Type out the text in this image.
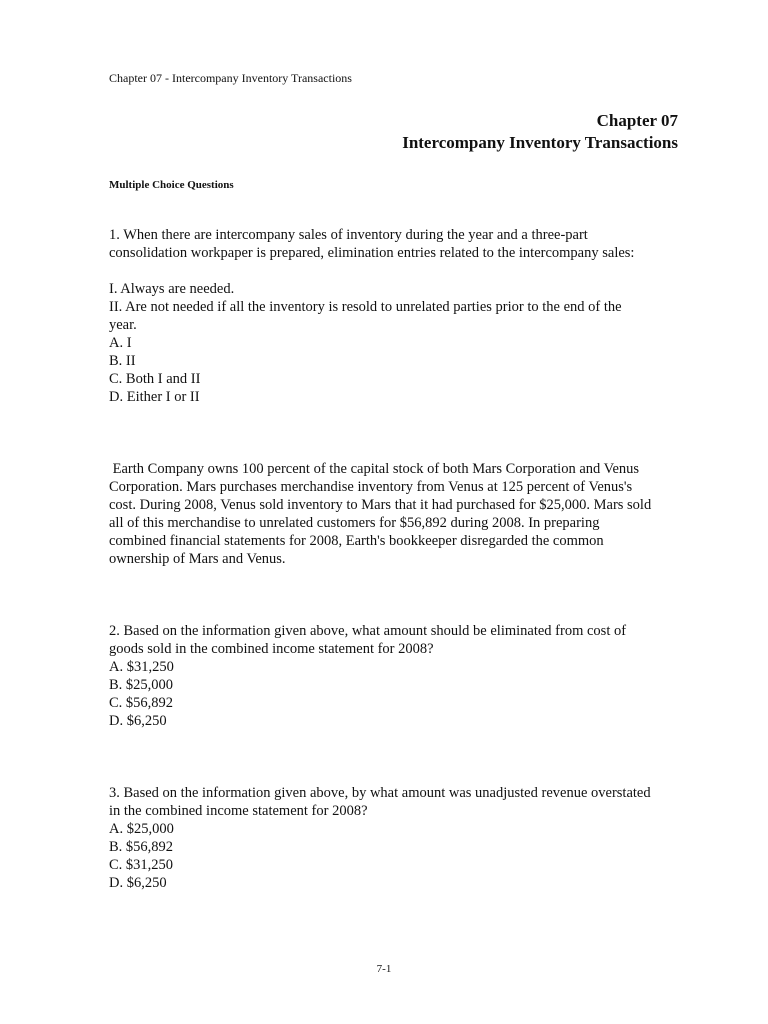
Chapter 07 - Intercompany Inventory Transactions
Chapter 07
Intercompany Inventory Transactions
Multiple Choice Questions
1. When there are intercompany sales of inventory during the year and a three-part
consolidation workpaper is prepared, elimination entries related to the intercompany sales:
I. Always are needed.
II. Are not needed if all the inventory is resold to unrelated parties prior to the end of the
year.
A. I
B. II
C. Both I and II
D. Either I or II
Earth Company owns 100 percent of the capital stock of both Mars Corporation and Venus
Corporation. Mars purchases merchandise inventory from Venus at 125 percent of Venus's
cost. During 2008, Venus sold inventory to Mars that it had purchased for $25,000. Mars sold
all of this merchandise to unrelated customers for $56,892 during 2008. In preparing
combined financial statements for 2008, Earth's bookkeeper disregarded the common
ownership of Mars and Venus.
2. Based on the information given above, what amount should be eliminated from cost of
goods sold in the combined income statement for 2008?
A. $31,250
B. $25,000
C. $56,892
D. $6,250
3. Based on the information given above, by what amount was unadjusted revenue overstated
in the combined income statement for 2008?
A. $25,000
B. $56,892
C. $31,250
D. $6,250
7-1
